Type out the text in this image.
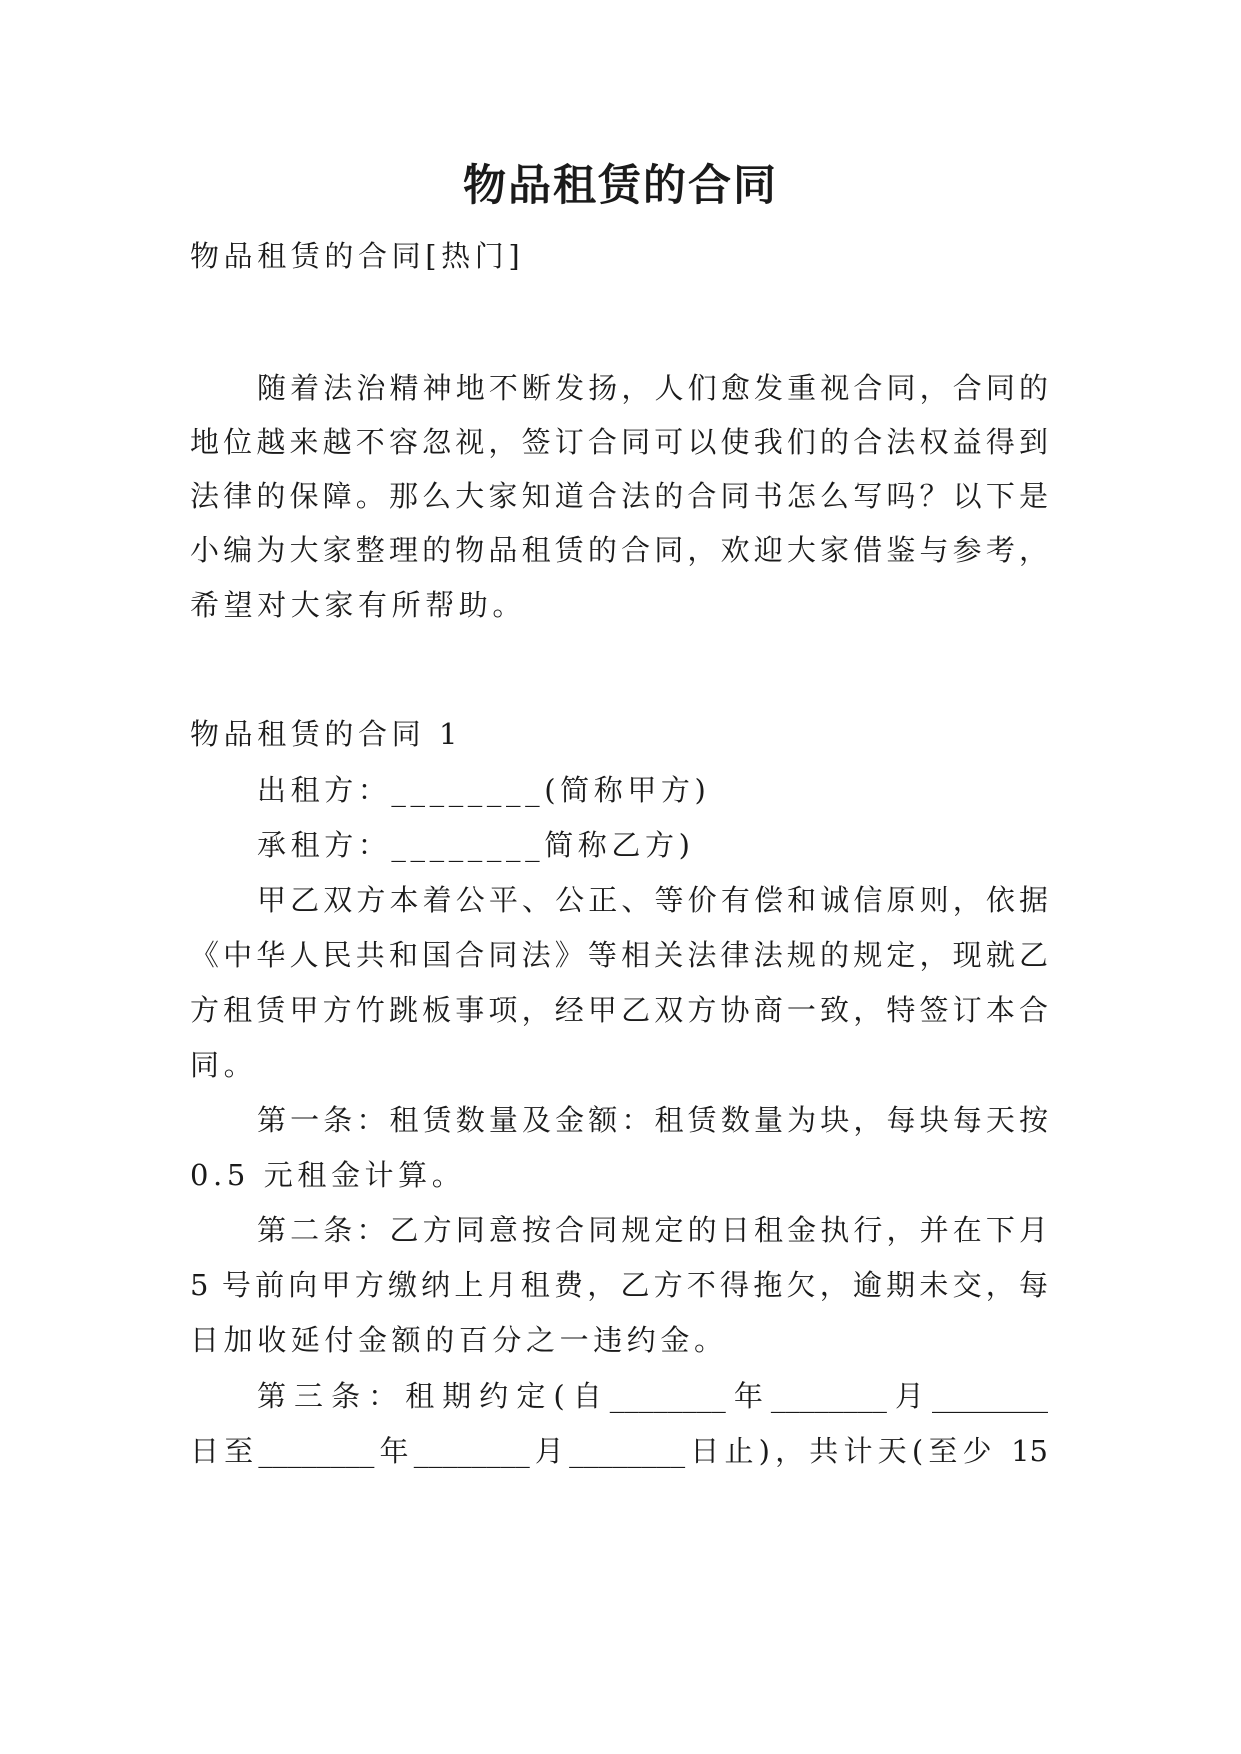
物品租赁的合同
物品租赁的合同[热门]
随着法治精神地不断发扬，人们愈发重视合同，合同的
地位越来越不容忽视，签订合同可以使我们的合法权益得到
法律的保障。那么大家知道合法的合同书怎么写吗？以下是
小编为大家整理的物品租赁的合同，欢迎大家借鉴与参考，
希望对大家有所帮助。
物品租赁的合同 1
出租方：________(简称甲方)
承租方：________简称乙方)
甲乙双方本着公平、公正、等价有偿和诚信原则，依据
《中华人民共和国合同法》等相关法律法规的规定，现就乙
方租赁甲方竹跳板事项，经甲乙双方协商一致，特签订本合
同。
第一条：租赁数量及金额：租赁数量为块，每块每天按
0.5 元租金计算。
第二条：乙方同意按合同规定的日租金执行，并在下月
5 号前向甲方缴纳上月租费，乙方不得拖欠，逾期未交，每
日加收延付金额的百分之一违约金。
第三条：租期约定(自________年________月________
日至________年________月________日止)，共计天(至少 15
